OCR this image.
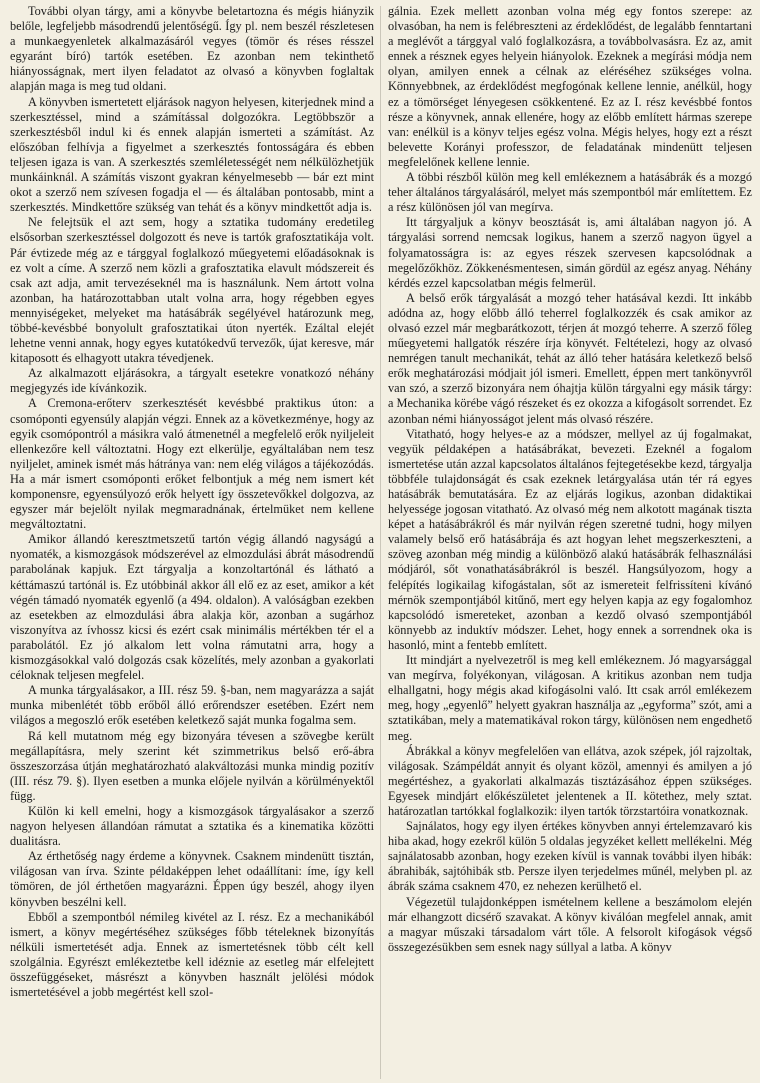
További olyan tárgy, ami a könyvbe beletartozna és mégis hiányzik belőle, legfeljebb másodrendű jelentőségű. Így pl. nem beszél részletesen a munkaegyenletek alkalmazásáról vegyes (tömör és réses résszel egyaránt bíró) tartók esetében. Ez azonban nem tekinthető hiányosságnak, mert ilyen feladatot az olvasó a könyvben foglaltak alapján maga is meg tud oldani.

A könyvben ismertetett eljárások nagyon helyesen, kiterjednek mind a szerkesztéssel, mind a számítással dolgozókra. Legtöbbször a szerkesztésből indul ki és ennek alapján ismerteti a számítást. Az előszóban felhívja a figyelmet a szerkesztés fontosságára és ebben teljesen igaza is van. A szerkesztés szemléletességét nem nélkülözhetjük munkáinknál. A számítás viszont gyakran kényelmesebb — bár ezt mint okot a szerző nem szívesen fogadja el — és általában pontosabb, mint a szerkesztés. Mindkettőre szükség van tehát és a könyv mindkettőt adja is.

Ne felejtsük el azt sem, hogy a sztatika tudomány eredetileg elsősorban szerkesztéssel dolgozott és neve is tartók grafosztatikája volt. Pár évtizede még az e tárggyal foglalkozó műegyetemi előadásoknak is ez volt a címe. A szerző nem közli a grafosztatika elavult módszereit és csak azt adja, amit tervezéseknél ma is használunk. Nem ártott volna azonban, ha határozottabban utalt volna arra, hogy régebben egyes mennyiségeket, melyeket ma hatásábrák segélyével határozunk meg, többé-kevésbbé bonyolult grafosztatikai úton nyerték. Ezáltal elejét lehetne venni annak, hogy egyes kutatókedvű tervezők, újat keresve, már kitaposott és elhagyott utakra tévedjenek.

Az alkalmazott eljárásokra, a tárgyalt esetekre vonatkozó néhány megjegyzés ide kívánkozik.

A Cremona-erőterv szerkesztését kevésbbé praktikus úton: a csomóponti egyensúly alapján végzi. Ennek az a következménye, hogy az egyik csomópontról a másikra való átmenetnél a megfelelő erők nyiljeleit ellenkezőre kell változtatni. Hogy ezt elkerülje, egyáltalában nem tesz nyiljelet, aminek ismét más hátránya van: nem elég világos a tájékozódás. Ha a már ismert csomóponti erőket felbontjuk a még nem ismert két komponensre, egyensúlyozó erők helyett így összetevőkkel dolgozva, az egyszer már bejelölt nyilak megmaradnának, értelmüket nem kellene megváltoztatni.

Amikor állandó keresztmetszetű tartón végig állandó nagyságú a nyomaték, a kismozgások módszerével az elmozdulási ábrát másodrendű parabolának kapjuk. Ezt tárgyalja a konzoltartónál és látható a kéttámaszú tartónál is. Ez utóbbinál akkor áll elő ez az eset, amikor a két végén támadó nyomaték egyenlő (a 494. oldalon). A valóságban ezekben az esetekben az elmozdulási ábra alakja kör, azonban a sugárhoz viszonyítva az ívhossz kicsi és ezért csak minimális mértékben tér el a parabolától. Ez jó alkalom lett volna rámutatni arra, hogy a kismozgásokkal való dolgozás csak közelítés, mely azonban a gyakorlati céloknak teljesen megfelel.

A munka tárgyalásakor, a III. rész 59. §-ban, nem magyarázza a saját munka mibenlétét több erőből álló erőrendszer esetében. Ezért nem világos a megoszló erők esetében keletkező saját munka fogalma sem.

Rá kell mutatnom még egy bizonyára tévesen a szövegbe került megállapításra, mely szerint két szimmetrikus belső erő-ábra összeszorzása útján meghatározható alakváltozási munka mindig pozitív (III. rész 79. §). Ilyen esetben a munka előjele nyilván a körülményektől függ.

Külön ki kell emelni, hogy a kismozgások tárgyalásakor a szerző nagyon helyesen állandóan rámutat a sztatika és a kinematika közötti dualitásra.

Az érthetőség nagy érdeme a könyvnek. Csaknem mindenütt tisztán, világosan van írva. Szinte példaképpen lehet odaállítani: íme, így kell tömören, de jól érthetően magyarázni. Éppen úgy beszél, ahogy ilyen könyvben beszélni kell.

Ebből a szempontból némileg kivétel az I. rész. Ez a mechanikából ismert, a könyv megértéséhez szükséges főbb tételeknek bizonyítás nélküli ismertetését adja. Ennek az ismertetésnek több célt kell szolgálnia. Egyrészt emlékeztetbe kell idéznie az esetleg már elfelejtett összefüggéseket, másrészt a könyvben használt jelölési módok ismertetésével a jobb megértést kell szol-

gálnia. Ezek mellett azonban volna még egy fontos szerepe: az olvasóban, ha nem is felébreszteni az érdeklődést, de legalább fenntartani a meglévőt a tárggyal való foglalkozásra, a továbbolvasásra. Ez az, amit ennek a résznek egyes helyein hiányolok. Ezeknek a megírási módja nem olyan, amilyen ennek a célnak az eléréséhez szükséges volna. Könnyebbnek, az érdeklődést megfogónak kellene lennie, anélkül, hogy ez a tömörséget lényegesen csökkentené. Ez az I. rész kevésbbé fontos része a könyvnek, annak ellenére, hogy az előbb említett hármas szerepe van: enélkül is a könyv teljes egész volna. Mégis helyes, hogy ezt a részt belevette Korányi professzor, de feladatának mindenütt teljesen megfelelőnek kellene lennie.

A többi részből külön meg kell emlékeznem a hatásábrák és a mozgó teher általános tárgyalásáról, melyet más szempontból már említettem. Ez a rész különösen jól van megírva.

Itt tárgyaljuk a könyv beosztását is, ami általában nagyon jó. A tárgyalási sorrend nemcsak logikus, hanem a szerző nagyon ügyel a folyamatosságra is: az egyes részek szervesen kapcsolódnak a megelőzőkhöz. Zökkenésmentesen, simán gördül az egész anyag. Néhány kérdés ezzel kapcsolatban mégis felmerül.

A belső erők tárgyalását a mozgó teher hatásával kezdi. Itt inkább adódna az, hogy előbb álló teherrel foglalkozzék és csak amikor az olvasó ezzel már megbarátkozott, térjen át mozgó teherre. A szerző főleg műegyetemi hallgatók részére írja könyvét. Feltételezi, hogy az olvasó nemrégen tanult mechanikát, tehát az álló teher hatására keletkező belső erők meghatározási módjait jól ismeri. Emellett, éppen mert tankönyvről van szó, a szerző bizonyára nem óhajtja külön tárgyalni egy másik tárgy: a Mechanika körébe vágó részeket és ez okozza a kifogásolt sorrendet. Ez azonban némi hiányosságot jelent más olvasó részére.

Vitatható, hogy helyes-e az a módszer, mellyel az új fogalmakat, vegyük példaképen a hatásábrákat, bevezeti. Ezeknél a fogalom ismertetése után azzal kapcsolatos általános fejtegetésekbe kezd, tárgyalja többféle tulajdonságát és csak ezeknek letárgyalása után tér rá egyes hatásábrák bemutatására. Ez az eljárás logikus, azonban didaktikai helyessége jogosan vitatható. Az olvasó még nem alkotott magának tiszta képet a hatásábrákról és már nyilván régen szeretné tudni, hogy milyen valamely belső erő hatásábrája és azt hogyan lehet megszerkeszteni, a szöveg azonban még mindig a különböző alakú hatásábrák felhasználási módjáról, sőt vonathatásábrákról is beszél. Hangsúlyozom, hogy a felépítés logikailag kifogástalan, sőt az ismereteit felfrissíteni kívánó mérnök szempontjából kitűnő, mert egy helyen kapja az egy fogalomhoz kapcsolódó ismereteket, azonban a kezdő olvasó szempontjából könnyebb az induktív módszer. Lehet, hogy ennek a sorrendnek oka is hasonló, mint a fentebb említett.

Itt mindjárt a nyelvezetről is meg kell emlékeznem. Jó magyarsággal van megírva, folyékonyan, világosan. A kritikus azonban nem tudja elhallgatni, hogy mégis akad kifogásolni való. Itt csak arról emlékezem meg, hogy „egyenlő” helyett gyakran használja az „egyforma” szót, ami a sztatikában, mely a matematikával rokon tárgy, különösen nem engedhető meg.

Ábrákkal a könyv megfelelően van ellátva, azok szépek, jól rajzoltak, világosak. Számpéldát annyit és olyant közöl, amennyi és amilyen a jó megértéshez, a gyakorlati alkalmazás tisztázásához éppen szükséges. Egyesek mindjárt előkészületet jelentenek a II. kötethez, mely sztat. határozatlan tartókkal foglalkozik: ilyen tartók törzstartóira vonatkoznak.

Sajnálatos, hogy egy ilyen értékes könyvben annyi értelemzavaró kis hiba akad, hogy ezekről külön 5 oldalas jegyzéket kellett mellékelni. Még sajnálatosabb azonban, hogy ezeken kívül is vannak további ilyen hibák: ábrahibák, sajtóhibák stb. Persze ilyen terjedelmes műnél, melyben pl. az ábrák száma csaknem 470, ez nehezen kerülhető el.

Végezetül tulajdonképpen ismételnem kellene a beszámolom elején már elhangzott dicsérő szavakat. A könyv kiválóan megfelel annak, amit a magyar műszaki társadalom várt tőle. A felsorolt kifogások végső összegezésükben sem esnek nagy súllyal a latba. A könyv
